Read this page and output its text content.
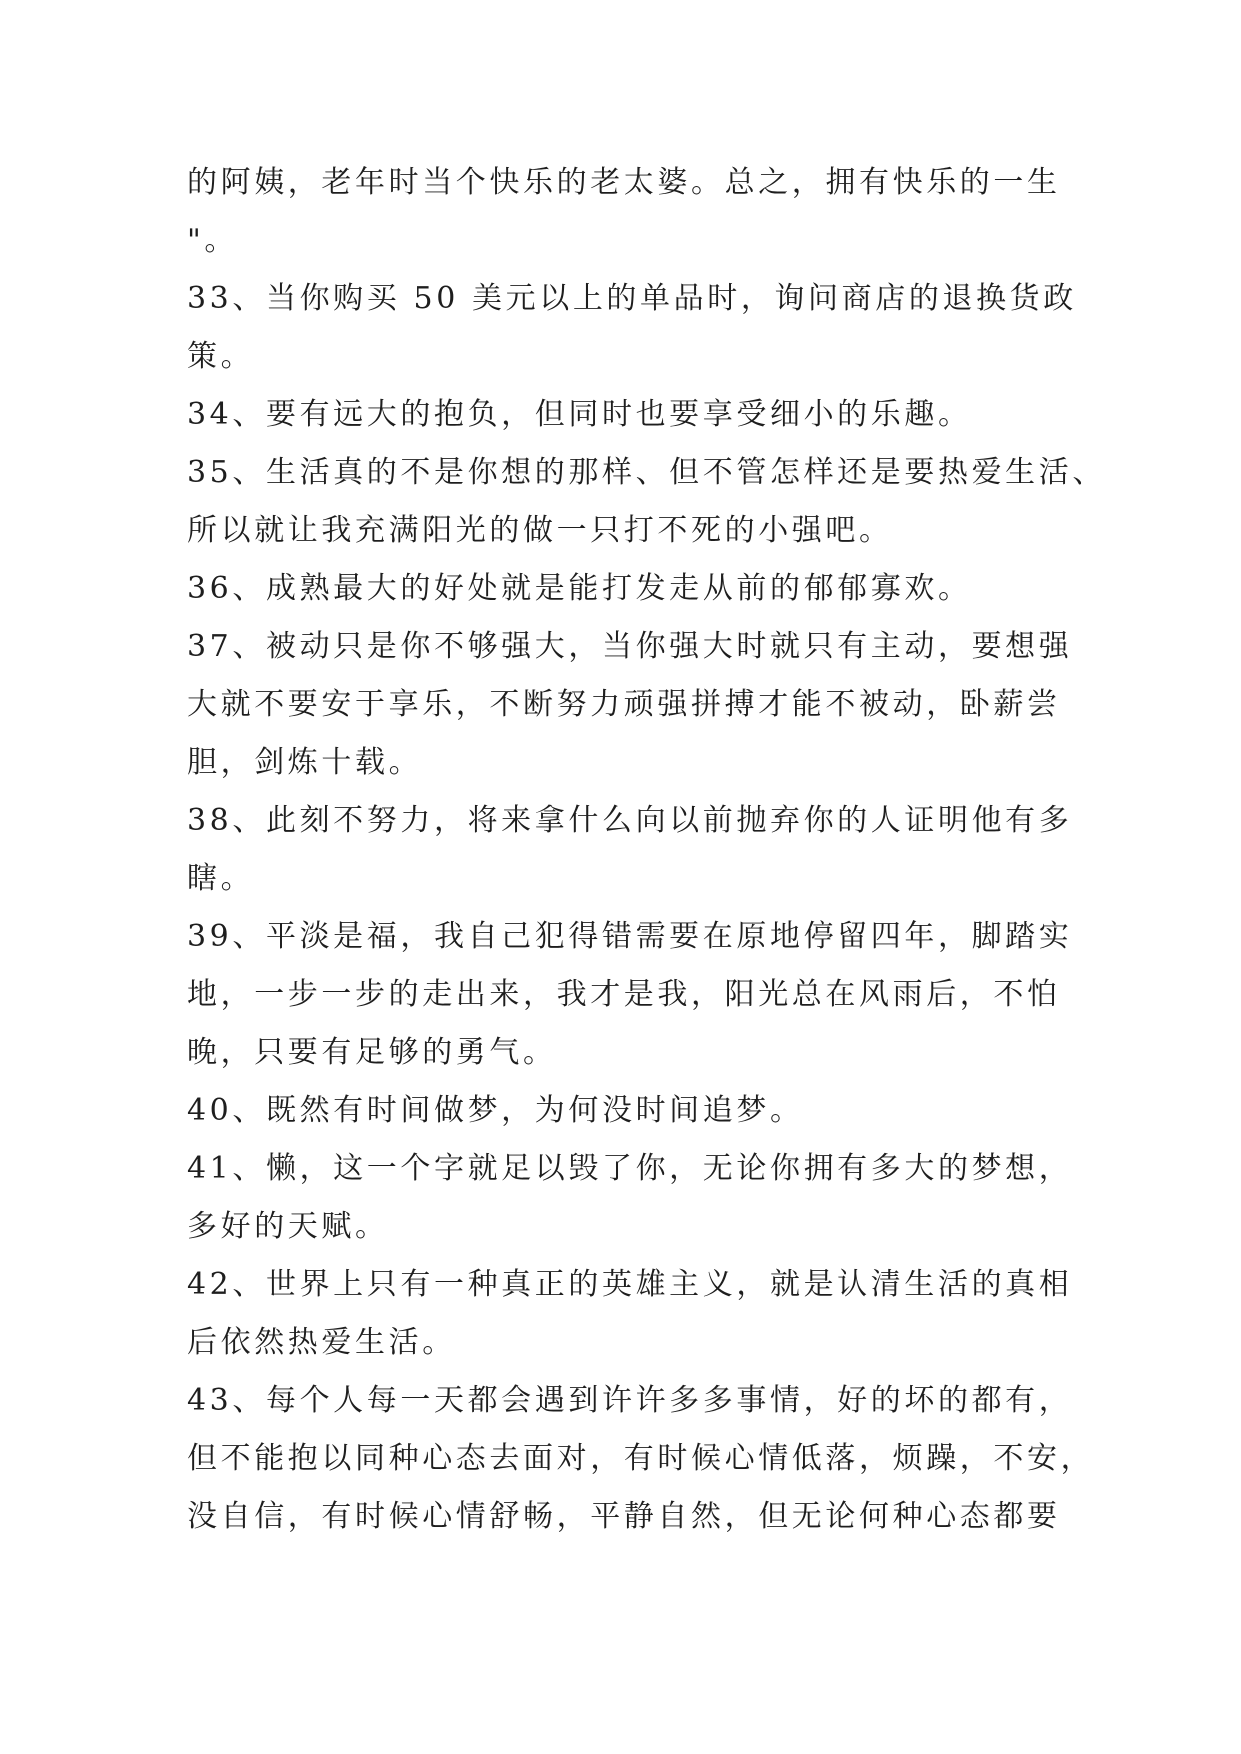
的阿姨，老年时当个快乐的老太婆。总之，拥有快乐的一生
"。
33、当你购买 50 美元以上的单品时，询问商店的退换货政
策。
34、要有远大的抱负，但同时也要享受细小的乐趣。
35、生活真的不是你想的那样、但不管怎样还是要热爱生活、
所以就让我充满阳光的做一只打不死的小强吧。
36、成熟最大的好处就是能打发走从前的郁郁寡欢。
37、被动只是你不够强大，当你强大时就只有主动，要想强
大就不要安于享乐，不断努力顽强拼搏才能不被动，卧薪尝
胆，剑炼十载。
38、此刻不努力，将来拿什么向以前抛弃你的人证明他有多
瞎。
39、平淡是福，我自己犯得错需要在原地停留四年，脚踏实
地，一步一步的走出来，我才是我，阳光总在风雨后，不怕
晚，只要有足够的勇气。
40、既然有时间做梦，为何没时间追梦。
41、懒，这一个字就足以毁了你，无论你拥有多大的梦想，
多好的天赋。
42、世界上只有一种真正的英雄主义，就是认清生活的真相
后依然热爱生活。
43、每个人每一天都会遇到许许多多事情，好的坏的都有，
但不能抱以同种心态去面对，有时候心情低落，烦躁，不安，
没自信，有时候心情舒畅，平静自然，但无论何种心态都要
